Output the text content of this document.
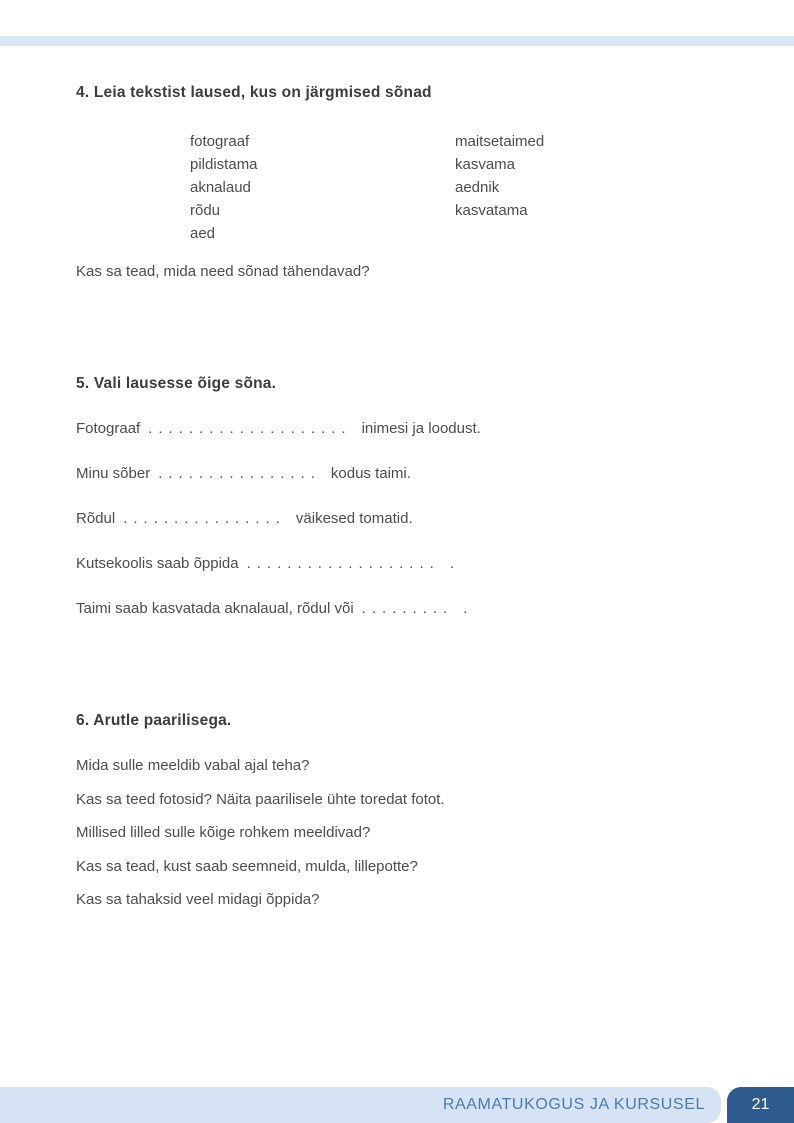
4. Leia tekstist laused, kus on järgmised sõnad
fotograaf
pildistama
aknalaud
rõdu
aed
maitsetaimed
kasvama
aednik
kasvatama

Kas sa tead, mida need sõnad tähendavad?

5. Vali lausesse õige sõna.

Fotograaf .................... inimesi ja loodust.

Minu sõber ................ kodus taimi.

Rõdul ................ väikesed tomatid.

Kutsekoolis saab õppida ................... .

Taimi saab kasvatada aknalaual, rõdul või ......... .

6. Arutle paarilisega.

Mida sulle meeldib vabal ajal teha?

Kas sa teed fotosid? Näita paarilisele ühte toredat fotot.

Millised lilled sulle kõige rohkem meeldivad?

Kas sa tead, kust saab seemneid, mulda, lillepotte?

Kas sa tahaksid veel midagi õppida?

RAAMATUKOGUS JA KURSUSEL	21
